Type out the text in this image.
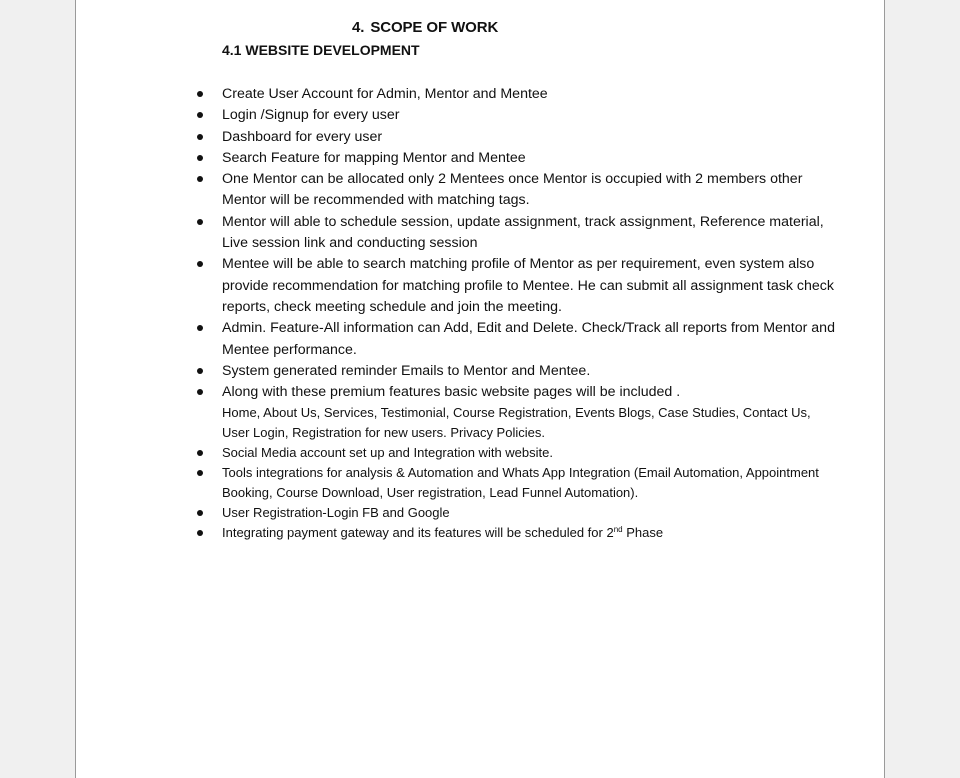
4. SCOPE OF WORK
4.1 WEBSITE DEVELOPMENT
Create User Account for Admin, Mentor and Mentee
Login /Signup for every user
Dashboard for every user
Search Feature for mapping Mentor and Mentee
One Mentor can be allocated only 2 Mentees once Mentor is occupied with 2 members other Mentor will be recommended with matching tags.
Mentor will able to schedule session, update assignment, track assignment, Reference material, Live session link and conducting session
Mentee will be able to search matching profile of Mentor as per requirement, even system also provide recommendation for matching profile to Mentee. He can submit all assignment task check reports, check meeting schedule and join the meeting.
Admin. Feature-All information can Add, Edit and Delete. Check/Track all reports from Mentor and Mentee performance.
System generated reminder Emails to Mentor and Mentee.
Along with these premium features basic website pages will be included .
Home, About Us, Services, Testimonial, Course Registration, Events Blogs, Case Studies, Contact Us, User Login, Registration for new users. Privacy Policies.
Social Media account set up and Integration with website.
Tools integrations for analysis & Automation and Whats App Integration (Email Automation, Appointment Booking, Course Download, User registration, Lead Funnel Automation).
User Registration-Login FB and Google
Integrating payment gateway and its features will be scheduled for 2nd Phase
